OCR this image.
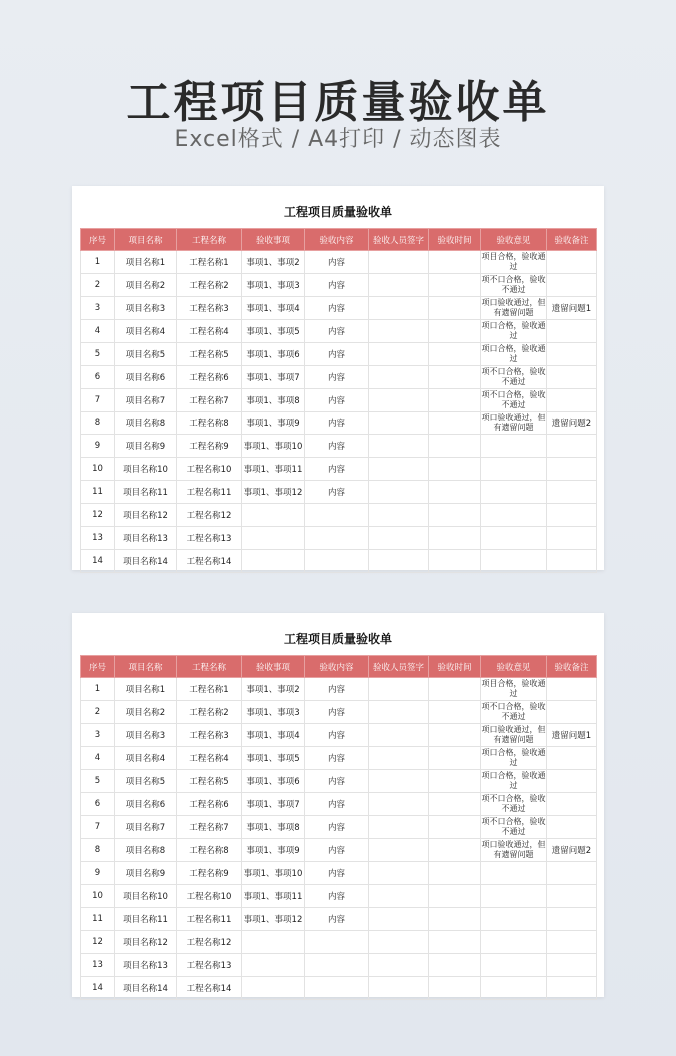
工程项目质量验收单
Excel格式 / A4打印 / 动态图表
工程项目质量验收单
序号	项目名称	工程名称	验收事项	验收内容	验收人员签字	验收时间	验收意见	验收备注
1	项目名称1	工程名称1	事项1、事项2	内容			项目合格，验收通过	
2	项目名称2	工程名称2	事项1、事项3	内容			项不口合格，验收不通过	
3	项目名称3	工程名称3	事项1、事项4	内容			项口验收通过，但有遗留问题	遗留问题1
4	项目名称4	工程名称4	事项1、事项5	内容			项口合格，验收通过	
5	项目名称5	工程名称5	事项1、事项6	内容			项口合格，验收通过	
6	项目名称6	工程名称6	事项1、事项7	内容			项不口合格，验收不通过	
7	项目名称7	工程名称7	事项1、事项8	内容			项不口合格，验收不通过	
8	项目名称8	工程名称8	事项1、事项9	内容			项口验收通过，但有遗留问题	遗留问题2
9	项目名称9	工程名称9	事项1、事项10	内容				
10	项目名称10	工程名称10	事项1、事项11	内容				
11	项目名称11	工程名称11	事项1、事项12	内容				
12	项目名称12	工程名称12						
13	项目名称13	工程名称13						
14	项目名称14	工程名称14						
工程项目质量验收单
序号	项目名称	工程名称	验收事项	验收内容	验收人员签字	验收时间	验收意见	验收备注
1	项目名称1	工程名称1	事项1、事项2	内容			项目合格，验收通过	
2	项目名称2	工程名称2	事项1、事项3	内容			项不口合格，验收不通过	
3	项目名称3	工程名称3	事项1、事项4	内容			项口验收通过，但有遗留问题	遗留问题1
4	项目名称4	工程名称4	事项1、事项5	内容			项口合格，验收通过	
5	项目名称5	工程名称5	事项1、事项6	内容			项口合格，验收通过	
6	项目名称6	工程名称6	事项1、事项7	内容			项不口合格，验收不通过	
7	项目名称7	工程名称7	事项1、事项8	内容			项不口合格，验收不通过	
8	项目名称8	工程名称8	事项1、事项9	内容			项口验收通过，但有遗留问题	遗留问题2
9	项目名称9	工程名称9	事项1、事项10	内容				
10	项目名称10	工程名称10	事项1、事项11	内容				
11	项目名称11	工程名称11	事项1、事项12	内容				
12	项目名称12	工程名称12						
13	项目名称13	工程名称13						
14	项目名称14	工程名称14						
